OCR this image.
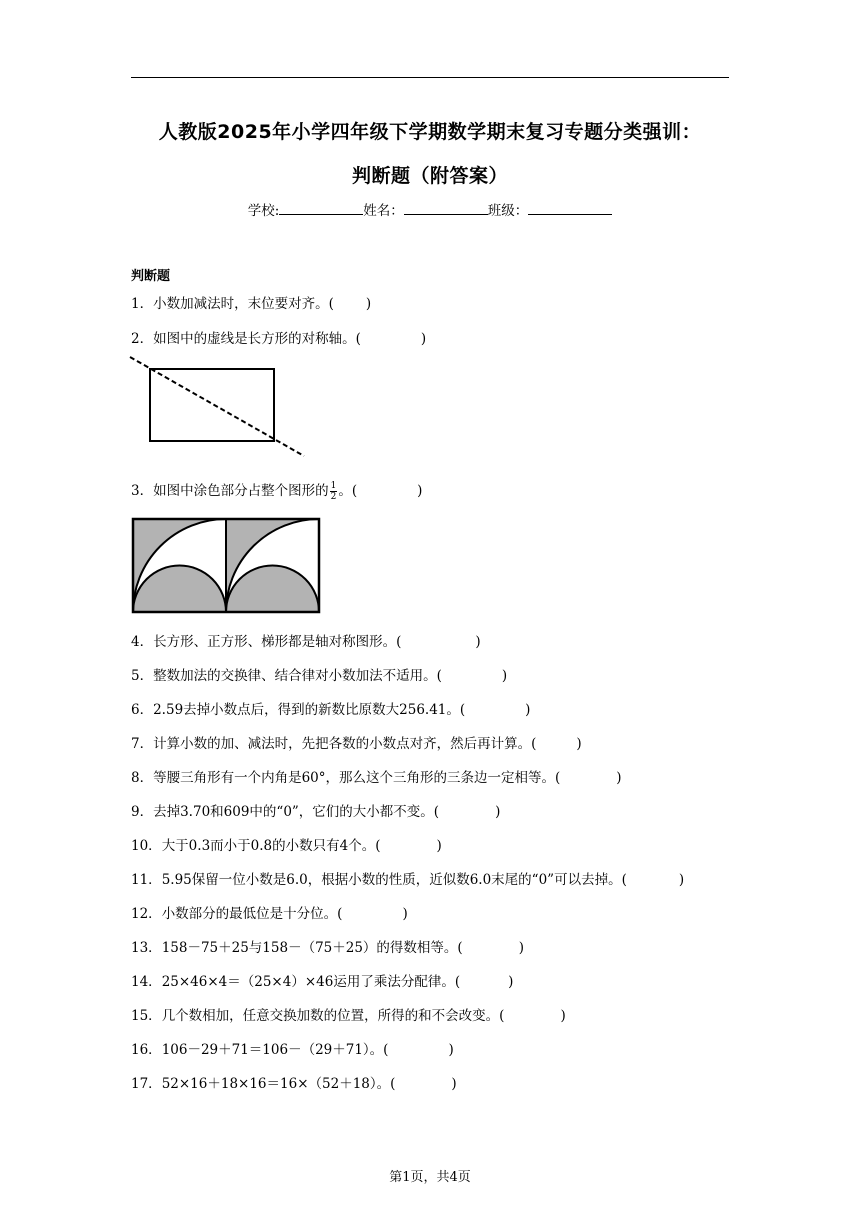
人教版2025年小学四年级下学期数学期末复习专题分类强训：
判断题（附答案）
学校:	姓名：	班级：
判断题
1．小数加减法时，末位要对齐。( )
2．如图中的虚线是长方形的对称轴。(	)
3．如图中涂色部分占整个图形的 $\frac{1}{2}$ 。(	)
4．长方形、正方形、梯形都是轴对称图形。(	)
5．整数加法的交换律、结合律对小数加法不适用。(	)
6．2.59去掉小数点后，得到的新数比原数大256.41。(	)
7．计算小数的加、减法时，先把各数的小数点对齐，然后再计算。(	)
8．等腰三角形有一个内角是60°，那么这个三角形的三条边一定相等。(	)
9．去掉3.70和609中的“0”，它们的大小都不变。(	)
10．大于0.3而小于0.8的小数只有4个。(	)
11．5.95保留一位小数是6.0，根据小数的性质，近似数6.0末尾的“0”可以去掉。(	)
12．小数部分的最低位是十分位。(	)
13．158－75＋25与158－（75＋25）的得数相等。(	)
14．25×46×4＝（25×4）×46运用了乘法分配律。(	)
15．几个数相加，任意交换加数的位置，所得的和不会改变。(	)
16．106－29＋71＝106－（29＋71）。(	)
17．52×16＋18×16＝16×（52＋18）。(	)
第1页，共4页
